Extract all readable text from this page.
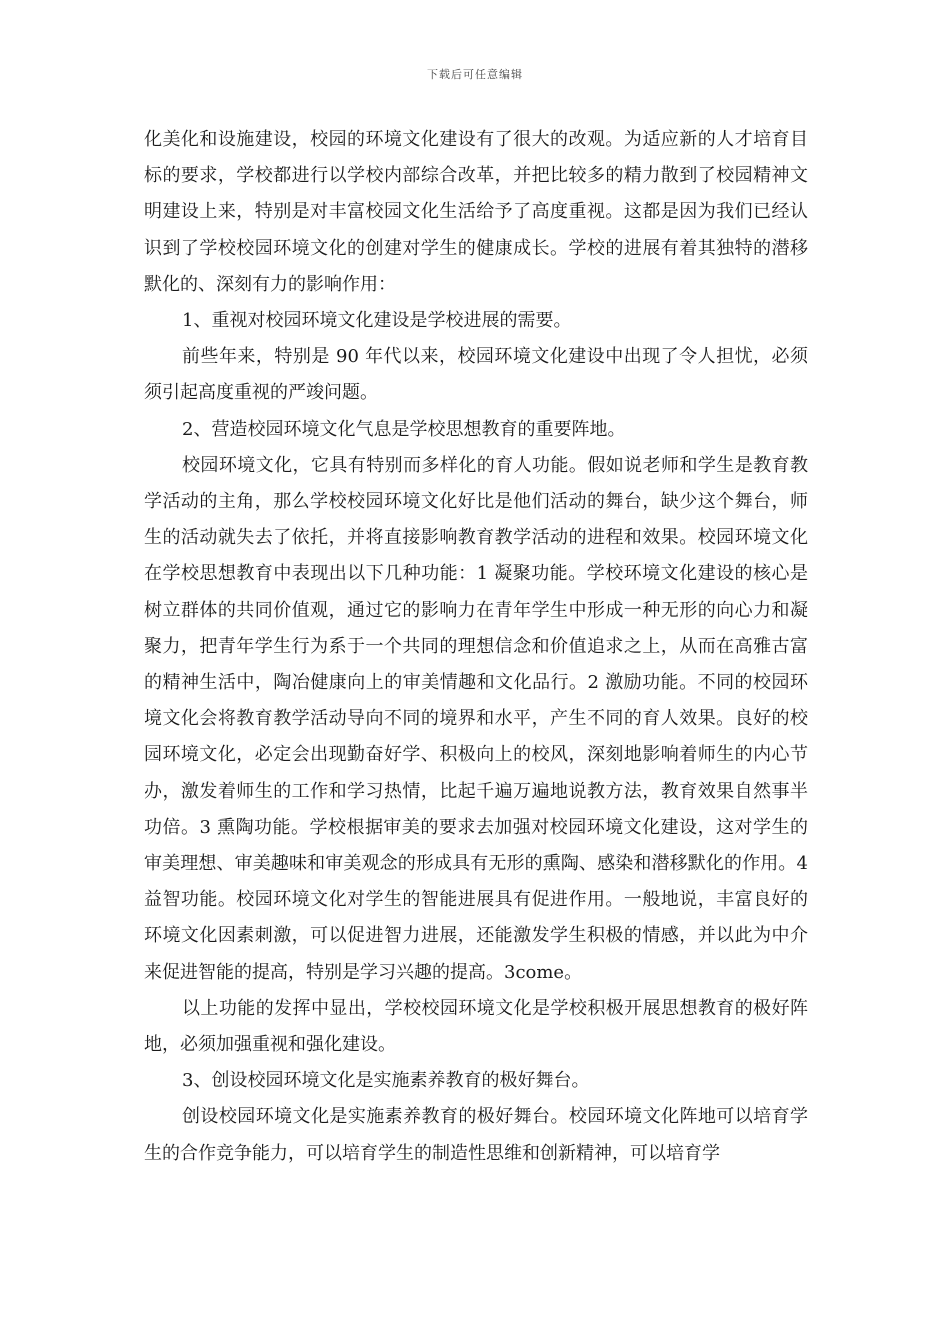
下载后可任意编辑

化美化和设施建设，校园的环境文化建设有了很大的改观。为适应新的人才培育目标的要求，学校都进行以学校内部综合改革，并把比较多的精力散到了校园精神文明建设上来，特别是对丰富校园文化生活给予了高度重视。这都是因为我们已经认识到了学校校园环境文化的创建对学生的健康成长。学校的进展有着其独特的潜移默化的、深刻有力的影响作用：

1、重视对校园环境文化建设是学校进展的需要。

前些年来，特别是 90 年代以来，校园环境文化建设中出现了令人担忧，必须须引起高度重视的严竣问题。

2、营造校园环境文化气息是学校思想教育的重要阵地。

校园环境文化，它具有特别而多样化的育人功能。假如说老师和学生是教育教学活动的主角，那么学校校园环境文化好比是他们活动的舞台，缺少这个舞台，师生的活动就失去了依托，并将直接影响教育教学活动的进程和效果。校园环境文化在学校思想教育中表现出以下几种功能：1 凝聚功能。学校环境文化建设的核心是树立群体的共同价值观，通过它的影响力在青年学生中形成一种无形的向心力和凝聚力，把青年学生行为系于一个共同的理想信念和价值追求之上，从而在高雅古富的精神生活中，陶冶健康向上的审美情趣和文化品行。2 激励功能。不同的校园环境文化会将教育教学活动导向不同的境界和水平，产生不同的育人效果。良好的校园环境文化，必定会出现勤奋好学、积极向上的校风，深刻地影响着师生的内心节办，激发着师生的工作和学习热情，比起千遍万遍地说教方法，教育效果自然事半功倍。3 熏陶功能。学校根据审美的要求去加强对校园环境文化建设，这对学生的审美理想、审美趣味和审美观念的形成具有无形的熏陶、感染和潜移默化的作用。4 益智功能。校园环境文化对学生的智能进展具有促进作用。一般地说，丰富良好的环境文化因素刺激，可以促进智力进展，还能激发学生积极的情感，并以此为中介来促进智能的提高，特别是学习兴趣的提高。3come。

以上功能的发挥中显出，学校校园环境文化是学校积极开展思想教育的极好阵地，必须加强重视和强化建设。

3、创设校园环境文化是实施素养教育的极好舞台。

创设校园环境文化是实施素养教育的极好舞台。校园环境文化阵地可以培育学生的合作竞争能力，可以培育学生的制造性思维和创新精神，可以培育学
